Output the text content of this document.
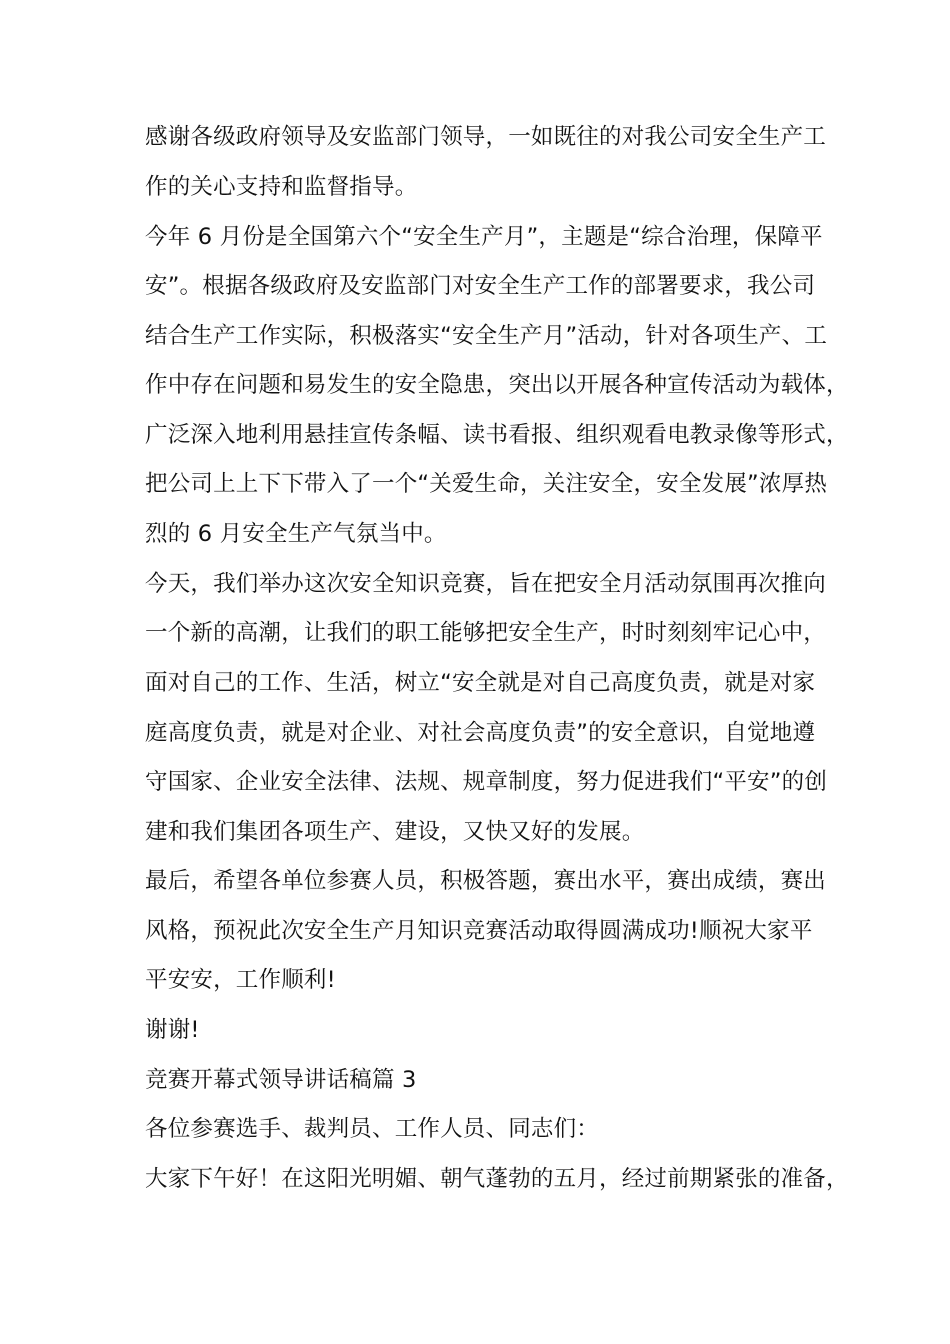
感谢各级政府领导及安监部门领导，一如既往的对我公司安全生产工

作的关心支持和监督指导。

今年 6 月份是全国第六个“安全生产月”，主题是“综合治理，保障平

安”。根据各级政府及安监部门对安全生产工作的部署要求，我公司

结合生产工作实际，积极落实“安全生产月”活动，针对各项生产、工

作中存在问题和易发生的安全隐患，突出以开展各种宣传活动为载体，

广泛深入地利用悬挂宣传条幅、读书看报、组织观看电教录像等形式，

把公司上上下下带入了一个“关爱生命，关注安全，安全发展”浓厚热

烈的 6 月安全生产气氛当中。

今天，我们举办这次安全知识竞赛，旨在把安全月活动氛围再次推向

一个新的高潮，让我们的职工能够把安全生产，时时刻刻牢记心中，

面对自己的工作、生活，树立“安全就是对自己高度负责，就是对家

庭高度负责，就是对企业、对社会高度负责”的安全意识，自觉地遵

守国家、企业安全法律、法规、规章制度，努力促进我们“平安”的创

建和我们集团各项生产、建设，又快又好的发展。

最后，希望各单位参赛人员，积极答题，赛出水平，赛出成绩，赛出

风格，预祝此次安全生产月知识竞赛活动取得圆满成功!顺祝大家平

平安安，工作顺利!

谢谢!

竞赛开幕式领导讲话稿篇 3

各位参赛选手、裁判员、工作人员、同志们：

大家下午好！在这阳光明媚、朝气蓬勃的五月，经过前期紧张的准备，
